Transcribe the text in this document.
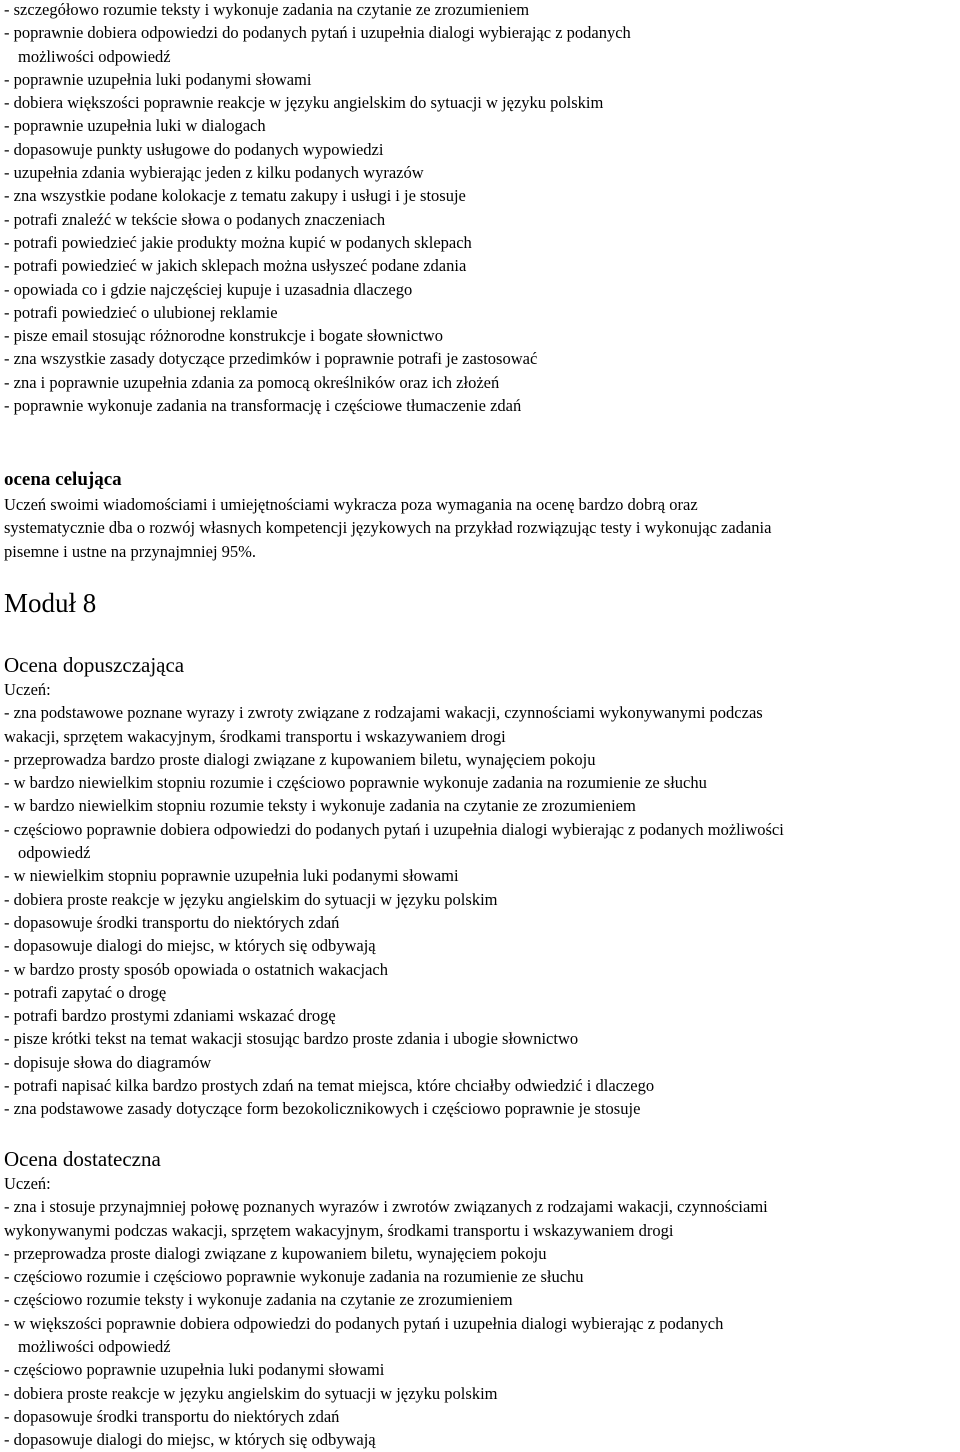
- szczegółowo rozumie teksty i wykonuje zadania na czytanie ze zrozumieniem
- poprawnie dobiera odpowiedzi do podanych pytań i uzupełnia dialogi wybierając z podanych
możliwości odpowiedź
- poprawnie uzupełnia luki podanymi słowami
- dobiera większości poprawnie reakcje w języku angielskim do sytuacji w języku polskim
- poprawnie uzupełnia luki w dialogach
- dopasowuje punkty usługowe do podanych wypowiedzi
- uzupełnia zdania wybierając jeden z kilku podanych wyrazów
- zna wszystkie podane kolokacje z tematu zakupy i usługi i je stosuje
- potrafi znaleźć w tekście słowa o podanych znaczeniach
- potrafi powiedzieć jakie produkty można kupić w podanych sklepach
- potrafi powiedzieć w jakich sklepach można usłyszeć podane zdania
- opowiada co i gdzie najczęściej kupuje i uzasadnia dlaczego
- potrafi powiedzieć o ulubionej reklamie
- pisze email stosując różnorodne konstrukcje i bogate słownictwo
- zna wszystkie zasady dotyczące przedimków i poprawnie potrafi je zastosować
- zna i poprawnie uzupełnia zdania za pomocą określników oraz ich złożeń
- poprawnie wykonuje zadania na transformację i częściowe tłumaczenie zdań
ocena celująca
Uczeń swoimi wiadomościami i umiejętnościami wykracza poza wymagania na ocenę bardzo dobrą oraz
systematycznie dba o rozwój własnych kompetencji językowych na przykład rozwiązując testy i wykonując zadania
pisemne i ustne na przynajmniej 95%.
Moduł 8
Ocena dopuszczająca
Uczeń:
- zna podstawowe poznane wyrazy i zwroty związane z rodzajami wakacji, czynnościami wykonywanymi podczas
wakacji, sprzętem wakacyjnym, środkami transportu i wskazywaniem drogi
- przeprowadza bardzo proste dialogi związane z kupowaniem biletu, wynajęciem pokoju
- w bardzo niewielkim stopniu rozumie i częściowo poprawnie wykonuje zadania na rozumienie ze słuchu
- w bardzo niewielkim stopniu rozumie teksty i wykonuje zadania na czytanie ze zrozumieniem
- częściowo poprawnie dobiera odpowiedzi do podanych pytań i uzupełnia dialogi wybierając z podanych możliwości
odpowiedź
- w niewielkim stopniu poprawnie uzupełnia luki podanymi słowami
- dobiera proste reakcje w języku angielskim do sytuacji w języku polskim
- dopasowuje środki transportu do niektórych zdań
- dopasowuje dialogi do miejsc, w których się odbywają
- w bardzo prosty sposób opowiada o ostatnich wakacjach
- potrafi zapytać o drogę
- potrafi bardzo prostymi zdaniami wskazać drogę
- pisze krótki tekst na temat wakacji stosując bardzo proste zdania i ubogie słownictwo
- dopisuje słowa do diagramów
- potrafi napisać kilka bardzo prostych zdań na temat miejsca, które chciałby odwiedzić i dlaczego
- zna podstawowe zasady dotyczące form bezokolicznikowych i częściowo poprawnie je stosuje
Ocena dostateczna
Uczeń:
- zna i stosuje przynajmniej połowę poznanych wyrazów i zwrotów związanych z rodzajami wakacji, czynnościami
wykonywanymi podczas wakacji, sprzętem wakacyjnym, środkami transportu i wskazywaniem drogi
- przeprowadza proste dialogi związane z kupowaniem biletu, wynajęciem pokoju
- częściowo rozumie i częściowo poprawnie wykonuje zadania na rozumienie ze słuchu
- częściowo rozumie teksty i wykonuje zadania na czytanie ze zrozumieniem
- w większości poprawnie dobiera odpowiedzi do podanych pytań i uzupełnia dialogi wybierając z podanych
możliwości odpowiedź
- częściowo poprawnie uzupełnia luki podanymi słowami
- dobiera proste reakcje w języku angielskim do sytuacji w języku polskim
- dopasowuje środki transportu do niektórych zdań
- dopasowuje dialogi do miejsc, w których się odbywają
